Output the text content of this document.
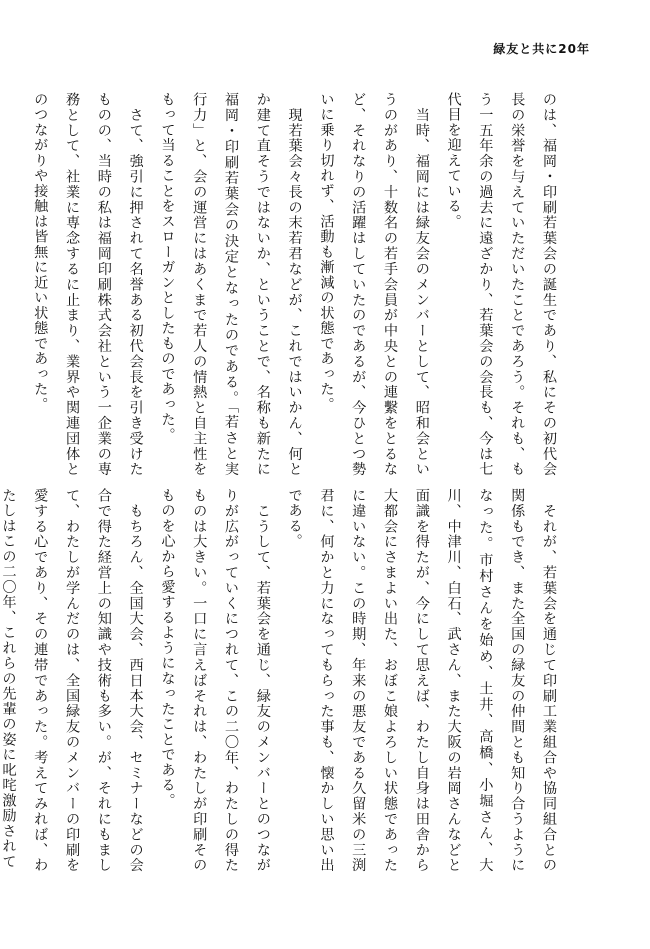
緑友と共に20年

のは、福岡・印刷若葉会の誕生であり、私にその初代会長の栄誉を与えていただいたことであろう。それも、もう一五年余の過去に遠ざかり、若葉会の会長も、今は七代目を迎えている。

当時、福岡には緑友会のメンバーとして、昭和会というのがあり、十数名の若手会員が中央との連繫をとるなど、それなりの活躍はしていたのであるが、今ひとつ勢いに乗り切れず、活動も漸減の状態であった。

現若葉会々長の末若君などが、これではいかん、何とか建て直そうではないか、ということで、名称も新たに福岡・印刷若葉会の決定となったのである。「若さと実行力」と、会の運営にはあくまで若人の情熱と自主性をもって当ることをスローガンとしたものであった。

さて、強引に押されて名誉ある初代会長を引き受けたものの、当時の私は福岡印刷株式会社という一企業の専務として、社業に専念するに止まり、業界や関連団体とのつながりや接触は皆無に近い状態であった。

それが、若葉会を通じて印刷工業組合や協同組合との関係もでき、また全国の緑友の仲間とも知り合うようになった。市村さんを始め、土井、高橋、小堀さん、大川、中津川、白石、武さん、また大阪の岩岡さんなどと面識を得たが、今にして思えば、わたし自身は田舎から大都会にさまよい出た、おぼこ娘よろしい状態であったに違いない。この時期、年来の悪友である久留米の三渕君に、何かと力になってもらった事も、懐かしい思い出である。

こうして、若葉会を通じ、緑友のメンバーとのつながりが広がっていくにつれて、この二〇年、わたしの得たものは大きい。一口に言えばそれは、わたしが印刷そのものを心から愛するようになったことである。

もちろん、全国大会、西日本大会、セミナーなどの会合で得た経営上の知識や技術も多い。が、それにもまして、わたしが学んだのは、全国緑友のメンバーの印刷を愛する心であり、その連帯であった。考えてみれば、わたしはこの二〇年、これらの先輩の姿に叱咤激励されて
